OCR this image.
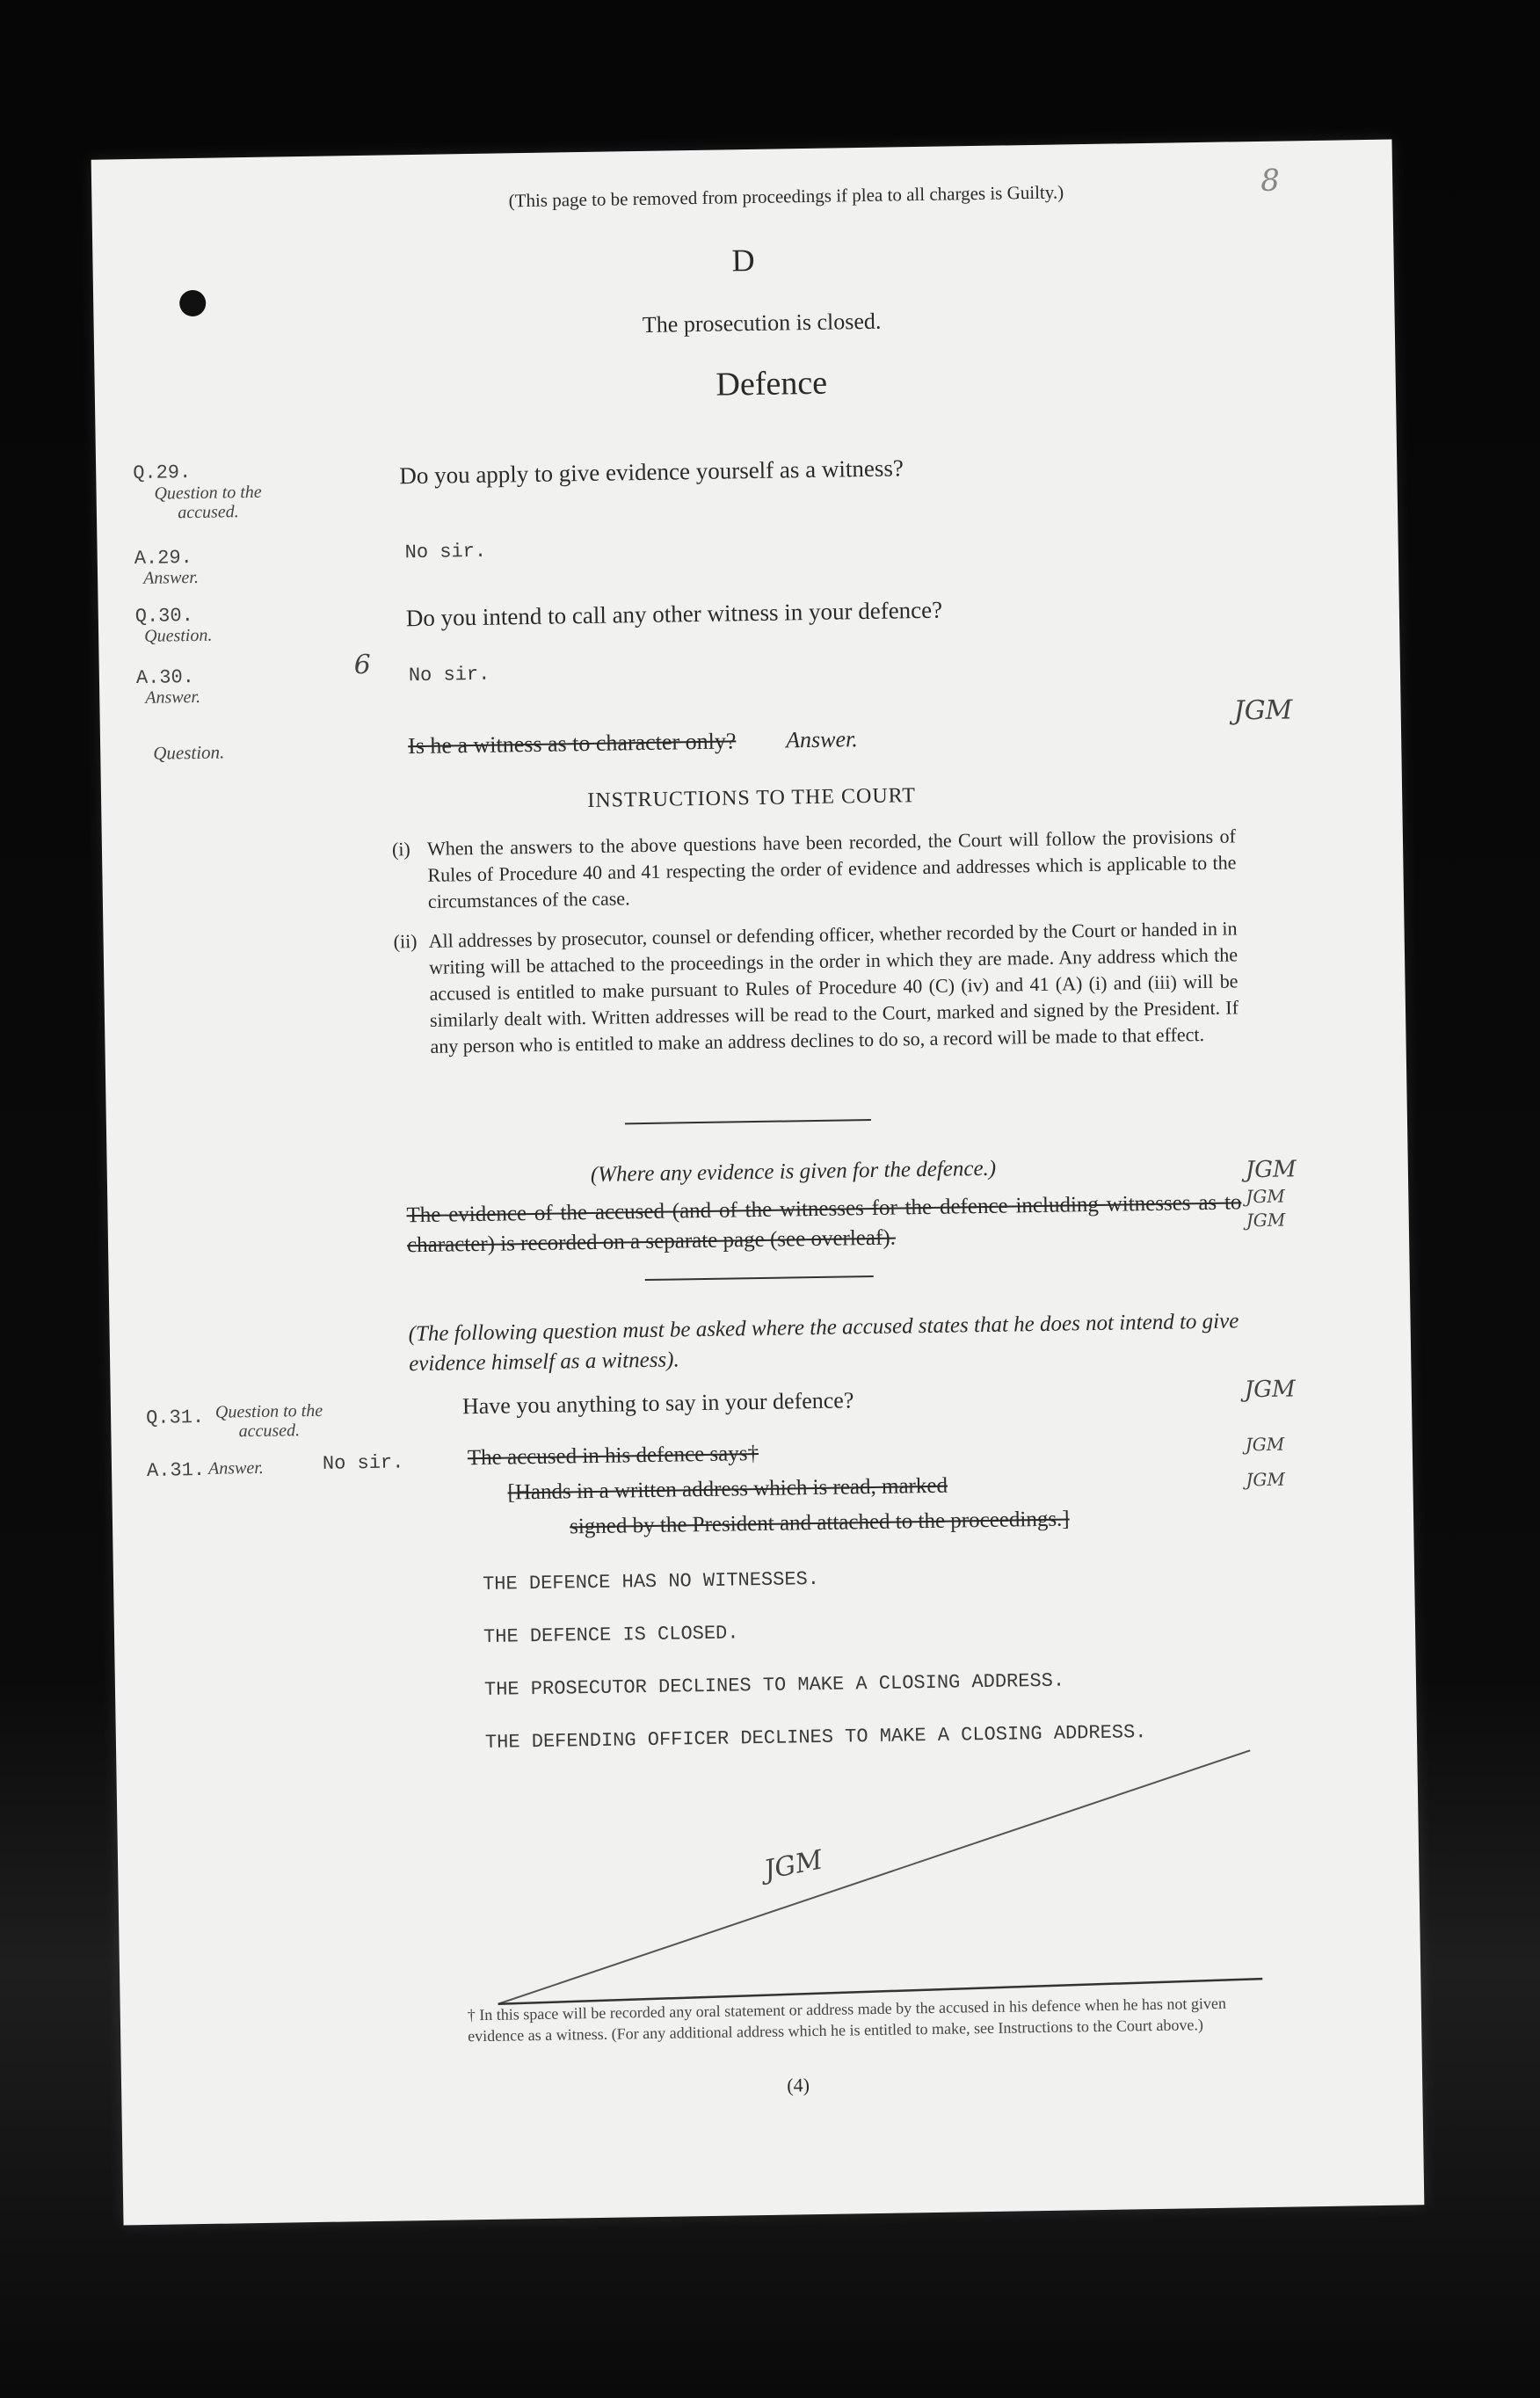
(This page to be removed from proceedings if plea to all charges is Guilty.)	8
D
The prosecution is closed.
Defence
Q.29.
Question to the accused.
Do you apply to give evidence yourself as a witness?
A.29.
Answer.
No sir.
Q.30.
Question.
Do you intend to call any other witness in your defence?
A.30.
Answer.
6 No sir.
Question.	Is he a witness as to character only? Answer.
JGM
INSTRUCTIONS TO THE COURT
(i) When the answers to the above questions have been recorded, the Court will follow the provisions of Rules of Procedure 40 and 41 respecting the order of evidence and addresses which is applicable to the circumstances of the case.

(ii) All addresses by prosecutor, counsel or defending officer, whether recorded by the Court or handed in in writing will be attached to the proceedings in the order in which they are made. Any address which the accused is entitled to make pursuant to Rules of Procedure 40 (C) (iv) and 41 (A) (i) and (iii) will be similarly dealt with. Written addresses will be read to the Court, marked and signed by the President. If any person who is entitled to make an address declines to do so, a record will be made to that effect.

(Where any evidence is given for the defence.)
The evidence of the accused (and of the witnesses for the defence including witnesses as to character) is recorded on a separate page (see overleaf).
JGM
JGM
JGM
(The following question must be asked where the accused states that he does not intend to give evidence himself as a witness).
Q.31. Question to the accused.
Have you anything to say in your defence?	JGM
A.31. Answer.	No sir.	The accused in his defence says†
[Hands in a written address which is read, marked
signed by the President and attached to the proceedings.]
JGM
JGM
THE DEFENCE HAS NO WITNESSES.
THE DEFENCE IS CLOSED.
THE PROSECUTOR DECLINES TO MAKE A CLOSING ADDRESS.
THE DEFENDING OFFICER DECLINES TO MAKE A CLOSING ADDRESS.
JGM
† In this space will be recorded any oral statement or address made by the accused in his defence when he has not given evidence as a witness. (For any additional address which he is entitled to make, see Instructions to the Court above.)
(4)
